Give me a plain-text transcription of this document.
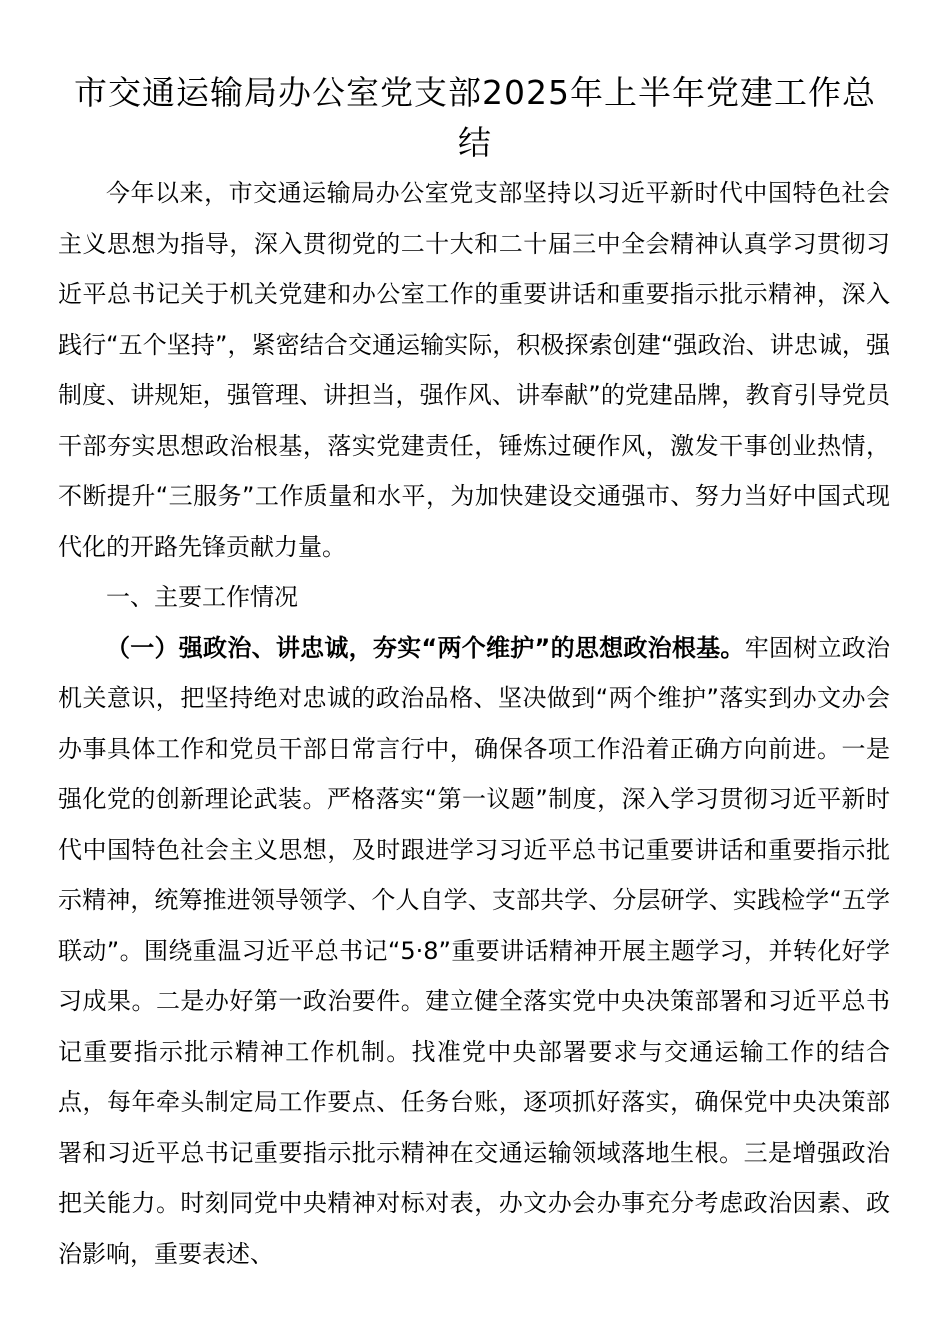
市交通运输局办公室党支部2025年上半年党建工作总结

今年以来，市交通运输局办公室党支部坚持以习近平新时代中国特色社会主义思想为指导，深入贯彻党的二十大和二十届三中全会精神认真学习贯彻习近平总书记关于机关党建和办公室工作的重要讲话和重要指示批示精神，深入践行“五个坚持”，紧密结合交通运输实际，积极探索创建“强政治、讲忠诚，强制度、讲规矩，强管理、讲担当，强作风、讲奉献”的党建品牌，教育引导党员干部夯实思想政治根基，落实党建责任，锤炼过硬作风，激发干事创业热情，不断提升“三服务”工作质量和水平，为加快建设交通强市、努力当好中国式现代化的开路先锋贡献力量。

一、主要工作情况

（一）强政治、讲忠诚，夯实“两个维护”的思想政治根基。牢固树立政治机关意识，把坚持绝对忠诚的政治品格、坚决做到“两个维护”落实到办文办会办事具体工作和党员干部日常言行中，确保各项工作沿着正确方向前进。一是强化党的创新理论武装。严格落实“第一议题”制度，深入学习贯彻习近平新时代中国特色社会主义思想，及时跟进学习习近平总书记重要讲话和重要指示批示精神，统筹推进领导领学、个人自学、支部共学、分层研学、实践检学“五学联动”。围绕重温习近平总书记“5·8”重要讲话精神开展主题学习，并转化好学习成果。二是办好第一政治要件。建立健全落实党中央决策部署和习近平总书记重要指示批示精神工作机制。找准党中央部署要求与交通运输工作的结合点，每年牵头制定局工作要点、任务台账，逐项抓好落实，确保党中央决策部署和习近平总书记重要指示批示精神在交通运输领域落地生根。三是增强政治把关能力。时刻同党中央精神对标对表，办文办会办事充分考虑政治因素、政治影响，重要表述、
